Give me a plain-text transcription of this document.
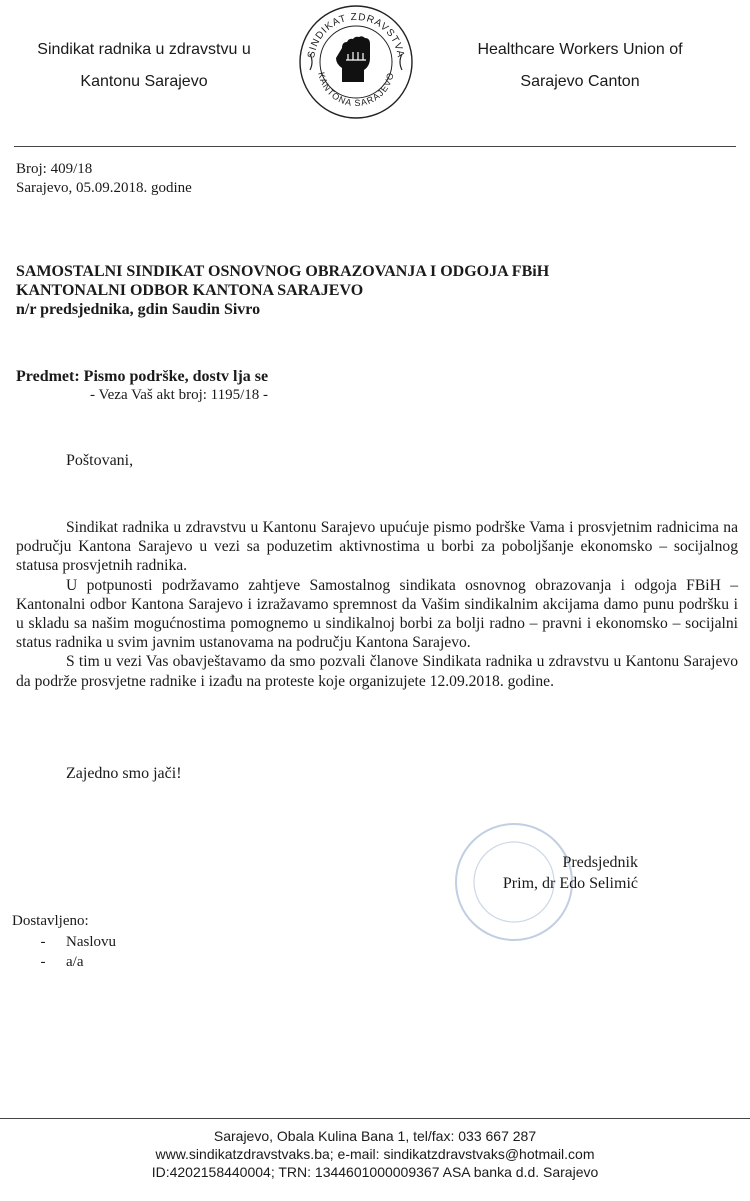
Sindikat radnika u zdravstvu u
Kantonu Sarajevo
SINDIKAT ZDRAVSTVA
KANTONA SARAJEVO
Healthcare Workers Union of
Sarajevo Canton
Broj: 409/18
Sarajevo, 05.09.2018. godine
SAMOSTALNI SINDIKAT OSNOVNOG OBRAZOVANJA I ODGOJA FBiH
KANTONALNI ODBOR KANTONA SARAJEVO
n/r predsjednika, gdin Saudin Sivro
Predmet: Pismo podrške, dostv lja se
- Veza Vaš akt broj: 1195/18 -
Poštovani,

Sindikat radnika u zdravstvu u Kantonu Sarajevo upućuje pismo podrške Vama i prosvjetnim radnicima na području Kantona Sarajevo u vezi sa poduzetim aktivnostima u borbi za poboljšanje ekonomsko – socijalnog statusa prosvjetnih radnika.

U potpunosti podržavamo zahtjeve Samostalnog sindikata osnovnog obrazovanja i odgoja FBiH – Kantonalni odbor Kantona Sarajevo i izražavamo spremnost da Vašim sindikalnim akcijama damo punu podršku i u skladu sa našim mogućnostima pomognemo u sindikalnoj borbi za bolji radno – pravni i ekonomsko – socijalni status radnika u svim javnim ustanovama na području Kantona Sarajevo.

S tim u vezi Vas obavještavamo da smo pozvali članove Sindikata radnika u zdravstvu u Kantonu Sarajevo da podrže prosvjetne radnike i izađu na proteste koje organizujete 12.09.2018. godine.

Zajedno smo jači!
Predsjednik
Prim, dr Edo Selimić
Dostavljeno:
-	Naslovu
-	a/a
Sarajevo, Obala Kulina Bana 1, tel/fax: 033 667 287
www.sindikatzdravstvaks.ba; e-mail: sindikatzdravstvaks@hotmail.com
ID:4202158440004; TRN: 1344601000009367 ASA banka d.d. Sarajevo
